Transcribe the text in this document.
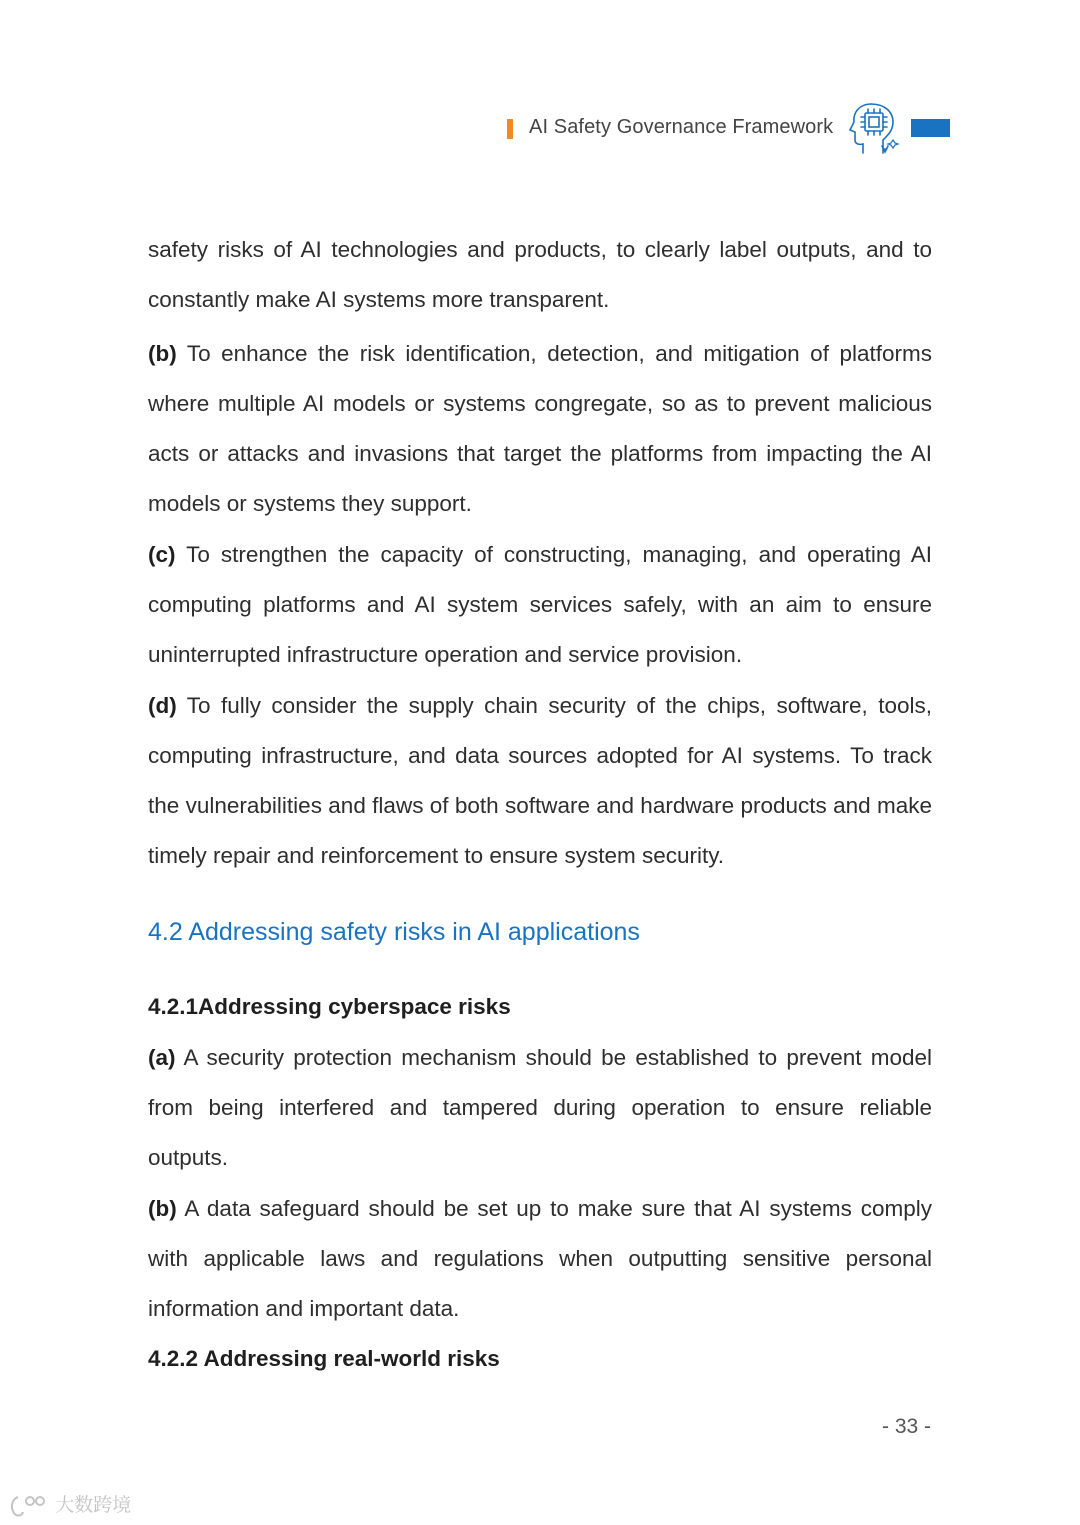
AI Safety Governance Framework

safety risks of AI technologies and products, to clearly label outputs, and to constantly make AI systems more transparent.

(b) To enhance the risk identification, detection, and mitigation of platforms where multiple AI models or systems congregate, so as to prevent malicious acts or attacks and invasions that target the platforms from impacting the AI models or systems they support.

(c) To strengthen the capacity of constructing, managing, and operating AI computing platforms and AI system services safely, with an aim to ensure uninterrupted infrastructure operation and service provision.

(d) To fully consider the supply chain security of the chips, software, tools, computing infrastructure, and data sources adopted for AI systems. To track the vulnerabilities and flaws of both software and hardware products and make timely repair and reinforcement to ensure system security.

4.2 Addressing safety risks in AI applications
4.2.1Addressing cyberspace risks

(a) A security protection mechanism should be established to prevent model from being interfered and tampered during operation to ensure reliable outputs.

(b) A data safeguard should be set up to make sure that AI systems comply with applicable laws and regulations when outputting sensitive personal information and important data.

4.2.2 Addressing real-world risks
- 33 -
大数跨境
